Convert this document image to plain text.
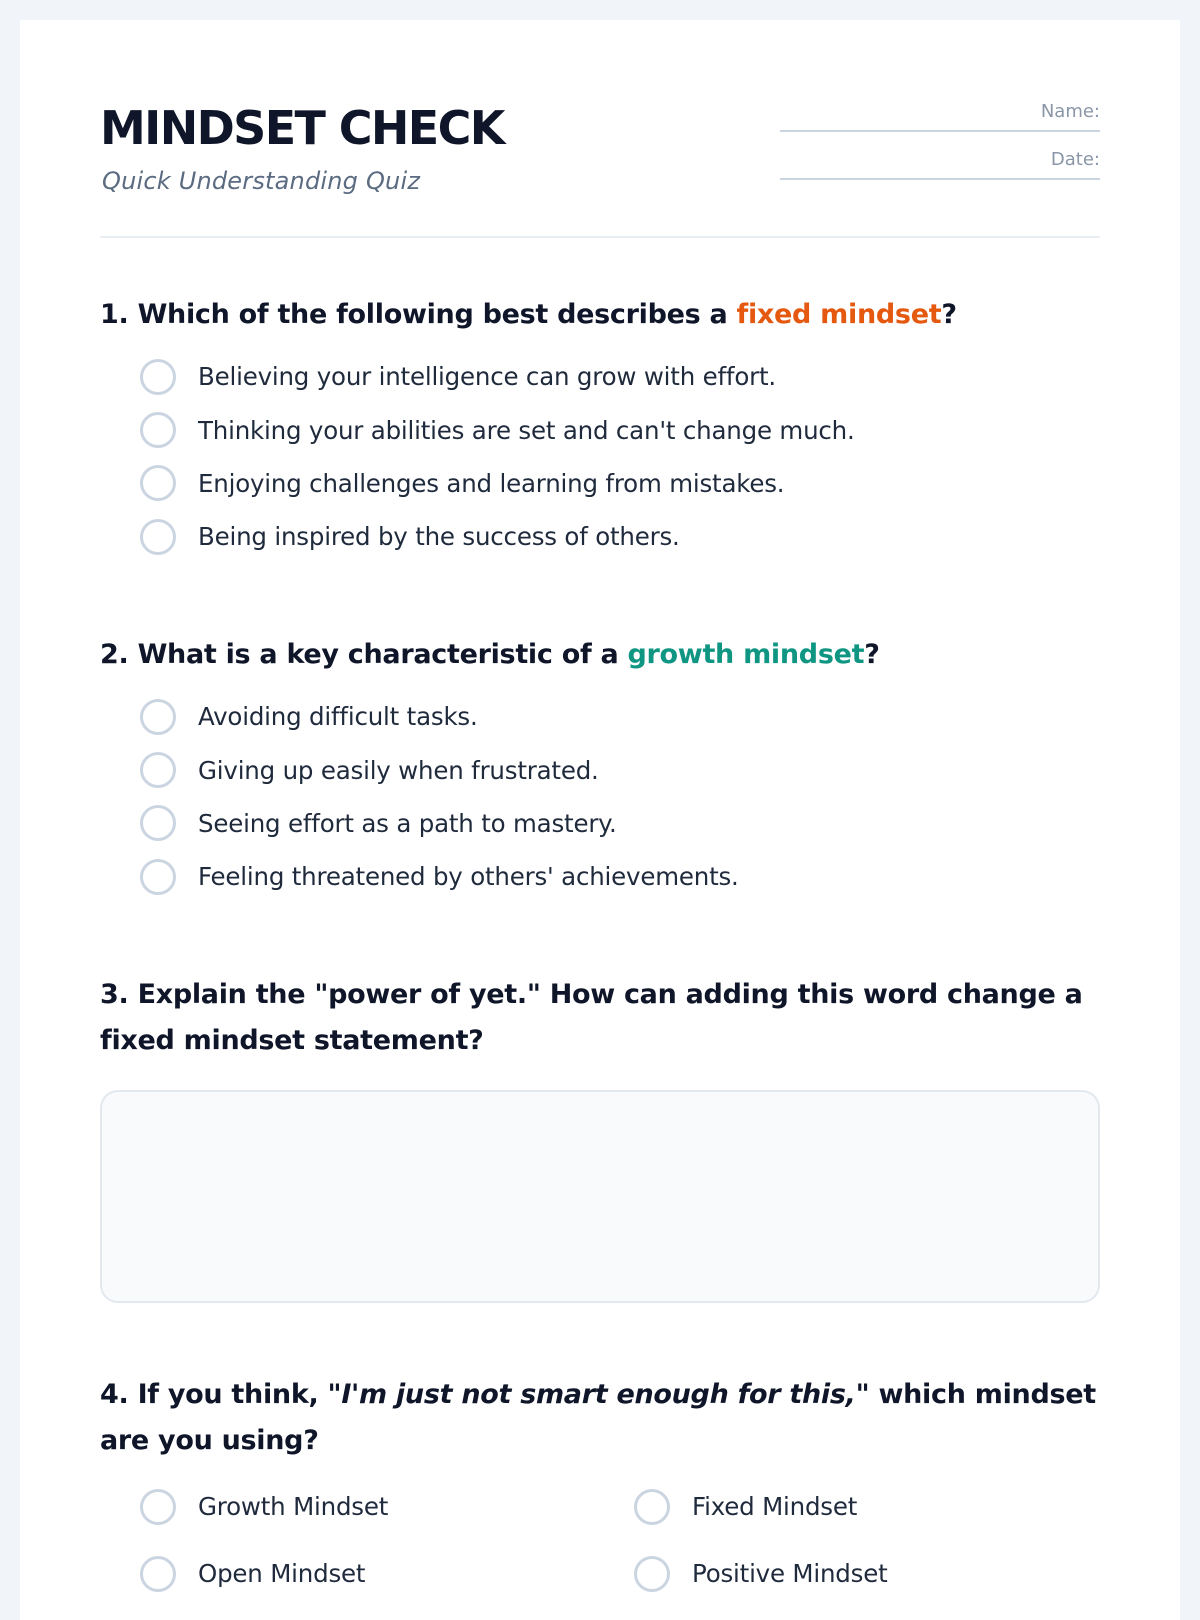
MINDSET CHECK

Quick Understanding Quiz

Name:
Date:

1. Which of the following best describes a fixed mindset?

Believing your intelligence can grow with effort.
Thinking your abilities are set and can't change much.
Enjoying challenges and learning from mistakes.
Being inspired by the success of others.

2. What is a key characteristic of a growth mindset?

Avoiding difficult tasks.
Giving up easily when frustrated.
Seeing effort as a path to mastery.
Feeling threatened by others' achievements.

3. Explain the "power of yet." How can adding this word change a fixed mindset statement?

4. If you think, "I'm just not smart enough for this," which mindset are you using?

Growth Mindset	Fixed Mindset
Open Mindset	Positive Mindset
